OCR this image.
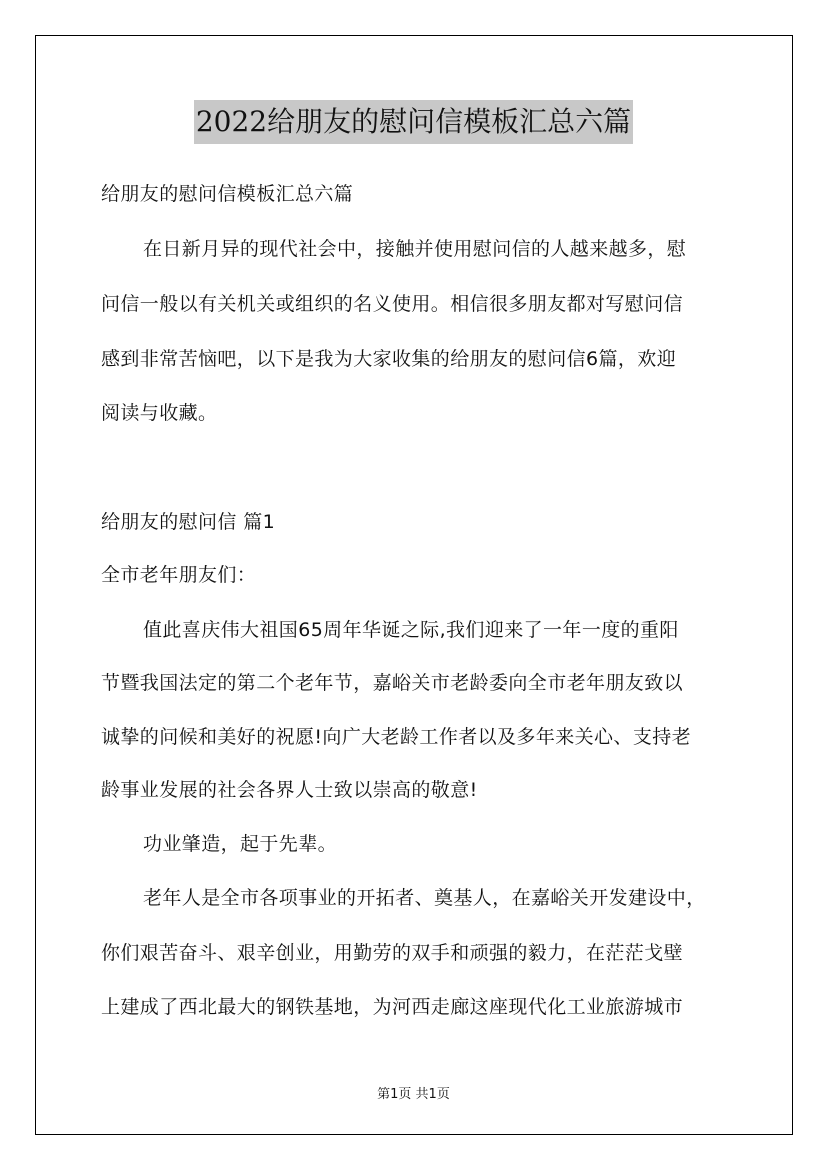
2022给朋友的慰问信模板汇总六篇
给朋友的慰问信模板汇总六篇
在日新月异的现代社会中，接触并使用慰问信的人越来越多，慰
问信一般以有关机关或组织的名义使用。相信很多朋友都对写慰问信
感到非常苦恼吧，以下是我为大家收集的给朋友的慰问信6篇，欢迎
阅读与收藏。
给朋友的慰问信 篇1
全市老年朋友们：
值此喜庆伟大祖国65周年华诞之际,我们迎来了一年一度的重阳
节暨我国法定的第二个老年节，嘉峪关市老龄委向全市老年朋友致以
诚挚的问候和美好的祝愿!向广大老龄工作者以及多年来关心、支持老
龄事业发展的社会各界人士致以崇高的敬意!
功业肇造，起于先辈。
老年人是全市各项事业的开拓者、奠基人，在嘉峪关开发建设中，
你们艰苦奋斗、艰辛创业，用勤劳的双手和顽强的毅力，在茫茫戈壁
上建成了西北最大的钢铁基地，为河西走廊这座现代化工业旅游城市
第1页 共1页
